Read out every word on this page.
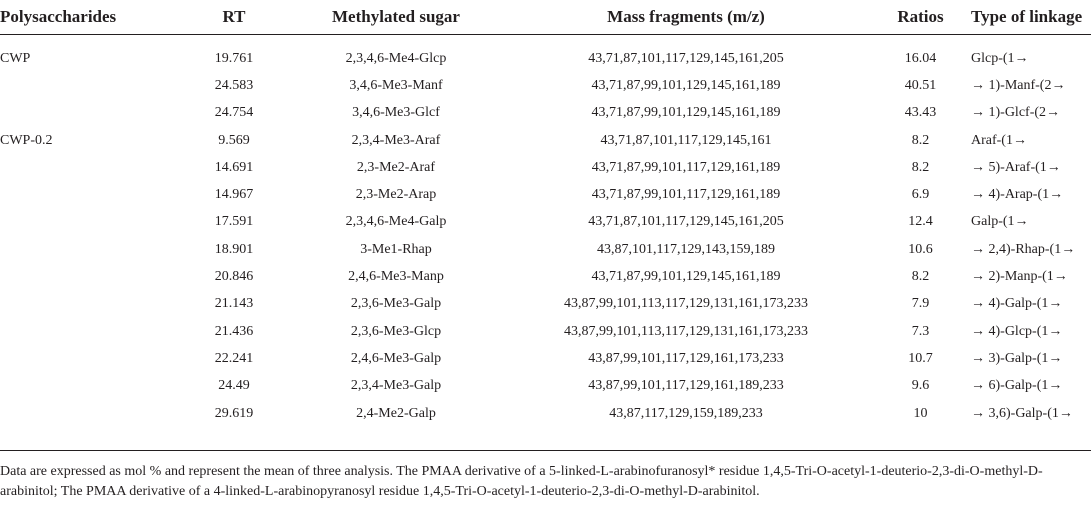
Polysaccharides	RT	Methylated sugar	Mass fragments (m/z)	Ratios	Type of linkage

CWP	19.761	2,3,4,6-Me4-Glcp	43,71,87,101,117,129,145,161,205	16.04	Glcp-(1→
	24.583	3,4,6-Me3-Manf	43,71,87,99,101,129,145,161,189	40.51	→ 1)-Manf-(2→
	24.754	3,4,6-Me3-Glcf	43,71,87,99,101,129,145,161,189	43.43	→ 1)-Glcf-(2→
CWP-0.2	9.569	2,3,4-Me3-Araf	43,71,87,101,117,129,145,161	8.2	Araf-(1→
	14.691	2,3-Me2-Araf	43,71,87,99,101,117,129,161,189	8.2	→ 5)-Araf-(1→
	14.967	2,3-Me2-Arap	43,71,87,99,101,117,129,161,189	6.9	→ 4)-Arap-(1→
	17.591	2,3,4,6-Me4-Galp	43,71,87,101,117,129,145,161,205	12.4	Galp-(1→
	18.901	3-Me1-Rhap	43,87,101,117,129,143,159,189	10.6	→ 2,4)-Rhap-(1→
	20.846	2,4,6-Me3-Manp	43,71,87,99,101,129,145,161,189	8.2	→ 2)-Manp-(1→
	21.143	2,3,6-Me3-Galp	43,87,99,101,113,117,129,131,161,173,233	7.9	→ 4)-Galp-(1→
	21.436	2,3,6-Me3-Glcp	43,87,99,101,113,117,129,131,161,173,233	7.3	→ 4)-Glcp-(1→
	22.241	2,4,6-Me3-Galp	43,87,99,101,117,129,161,173,233	10.7	→ 3)-Galp-(1→
	24.49	2,3,4-Me3-Galp	43,87,99,101,117,129,161,189,233	9.6	→ 6)-Galp-(1→
	29.619	2,4-Me2-Galp	43,87,117,129,159,189,233	10	→ 3,6)-Galp-(1→
Data are expressed as mol % and represent the mean of three analysis. The PMAA derivative of a 5-linked-L-arabinofuranosyl* residue 1,4,5-Tri-O-acetyl-1-deuterio-2,3-di-O-methyl-D-arabinitol; The PMAA derivative of a 4-linked-L-arabinopyranosyl residue 1,4,5-Tri-O-acetyl-1-deuterio-2,3-di-O-methyl-D-arabinitol.
